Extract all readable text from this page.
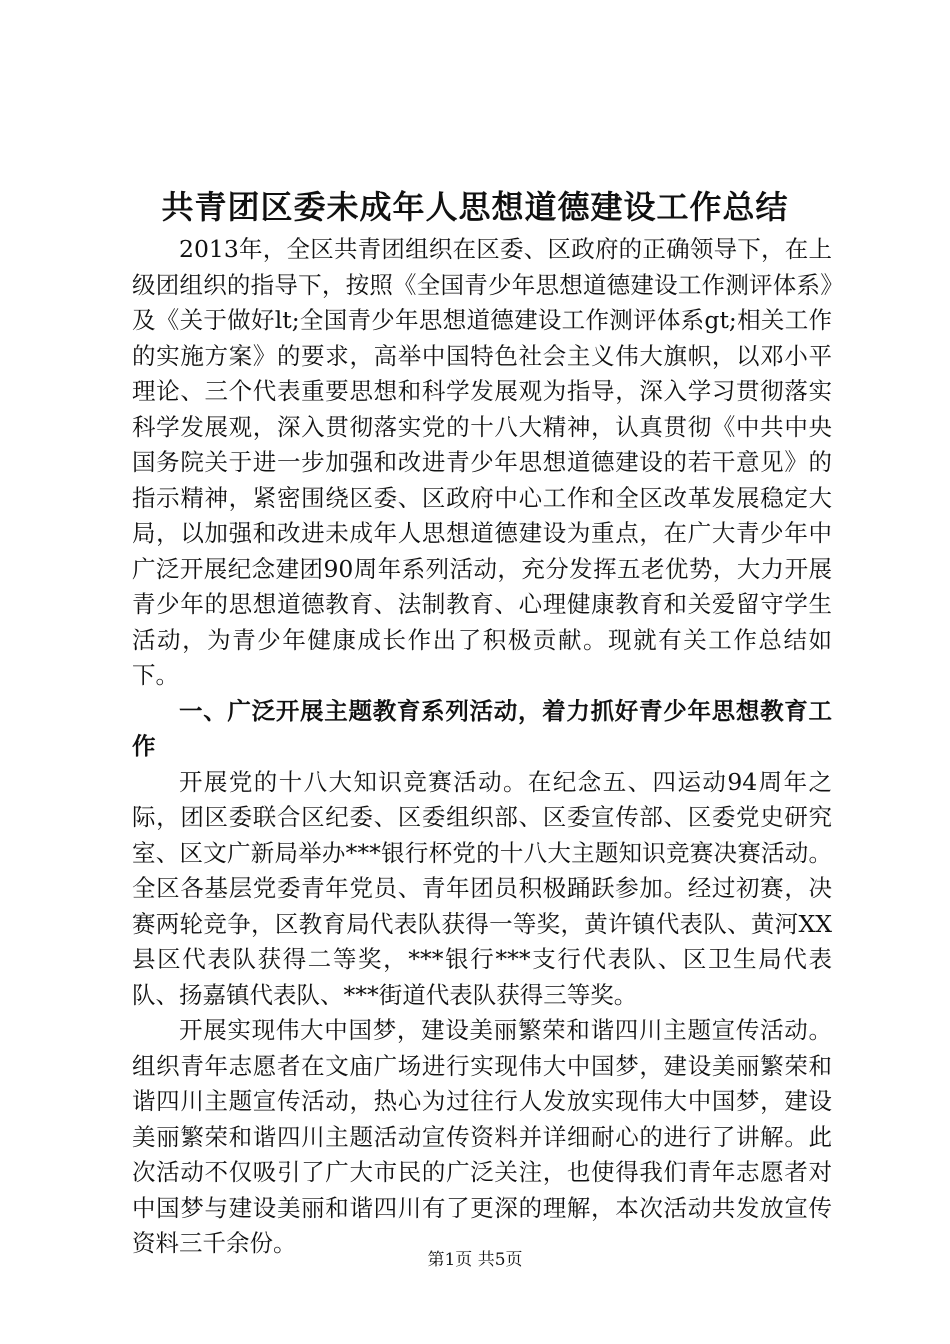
共青团区委未成年人思想道德建设工作总结

2013年，全区共青团组织在区委、区政府的正确领导下，在上级团组织的指导下，按照《全国青少年思想道德建设工作测评体系》及《关于做好lt;全国青少年思想道德建设工作测评体系gt;相关工作的实施方案》的要求，高举中国特色社会主义伟大旗帜，以邓小平理论、三个代表重要思想和科学发展观为指导，深入学习贯彻落实科学发展观，深入贯彻落实党的十八大精神，认真贯彻《中共中央国务院关于进一步加强和改进青少年思想道德建设的若干意见》的指示精神，紧密围绕区委、区政府中心工作和全区改革发展稳定大局，以加强和改进未成年人思想道德建设为重点，在广大青少年中广泛开展纪念建团90周年系列活动，充分发挥五老优势，大力开展青少年的思想道德教育、法制教育、心理健康教育和关爱留守学生活动，为青少年健康成长作出了积极贡献。现就有关工作总结如下。

一、广泛开展主题教育系列活动，着力抓好青少年思想教育工作

开展党的十八大知识竞赛活动。在纪念五、四运动94周年之际，团区委联合区纪委、区委组织部、区委宣传部、区委党史研究室、区文广新局举办***银行杯党的十八大主题知识竞赛决赛活动。全区各基层党委青年党员、青年团员积极踊跃参加。经过初赛，决赛两轮竞争，区教育局代表队获得一等奖，黄许镇代表队、黄河XX县区代表队获得二等奖，***银行***支行代表队、区卫生局代表队、扬嘉镇代表队、***街道代表队获得三等奖。

开展实现伟大中国梦，建设美丽繁荣和谐四川主题宣传活动。组织青年志愿者在文庙广场进行实现伟大中国梦，建设美丽繁荣和谐四川主题宣传活动，热心为过往行人发放实现伟大中国梦，建设美丽繁荣和谐四川主题活动宣传资料并详细耐心的进行了讲解。此次活动不仅吸引了广大市民的广泛关注，也使得我们青年志愿者对中国梦与建设美丽和谐四川有了更深的理解，本次活动共发放宣传资料三千余份。

第1页 共5页
